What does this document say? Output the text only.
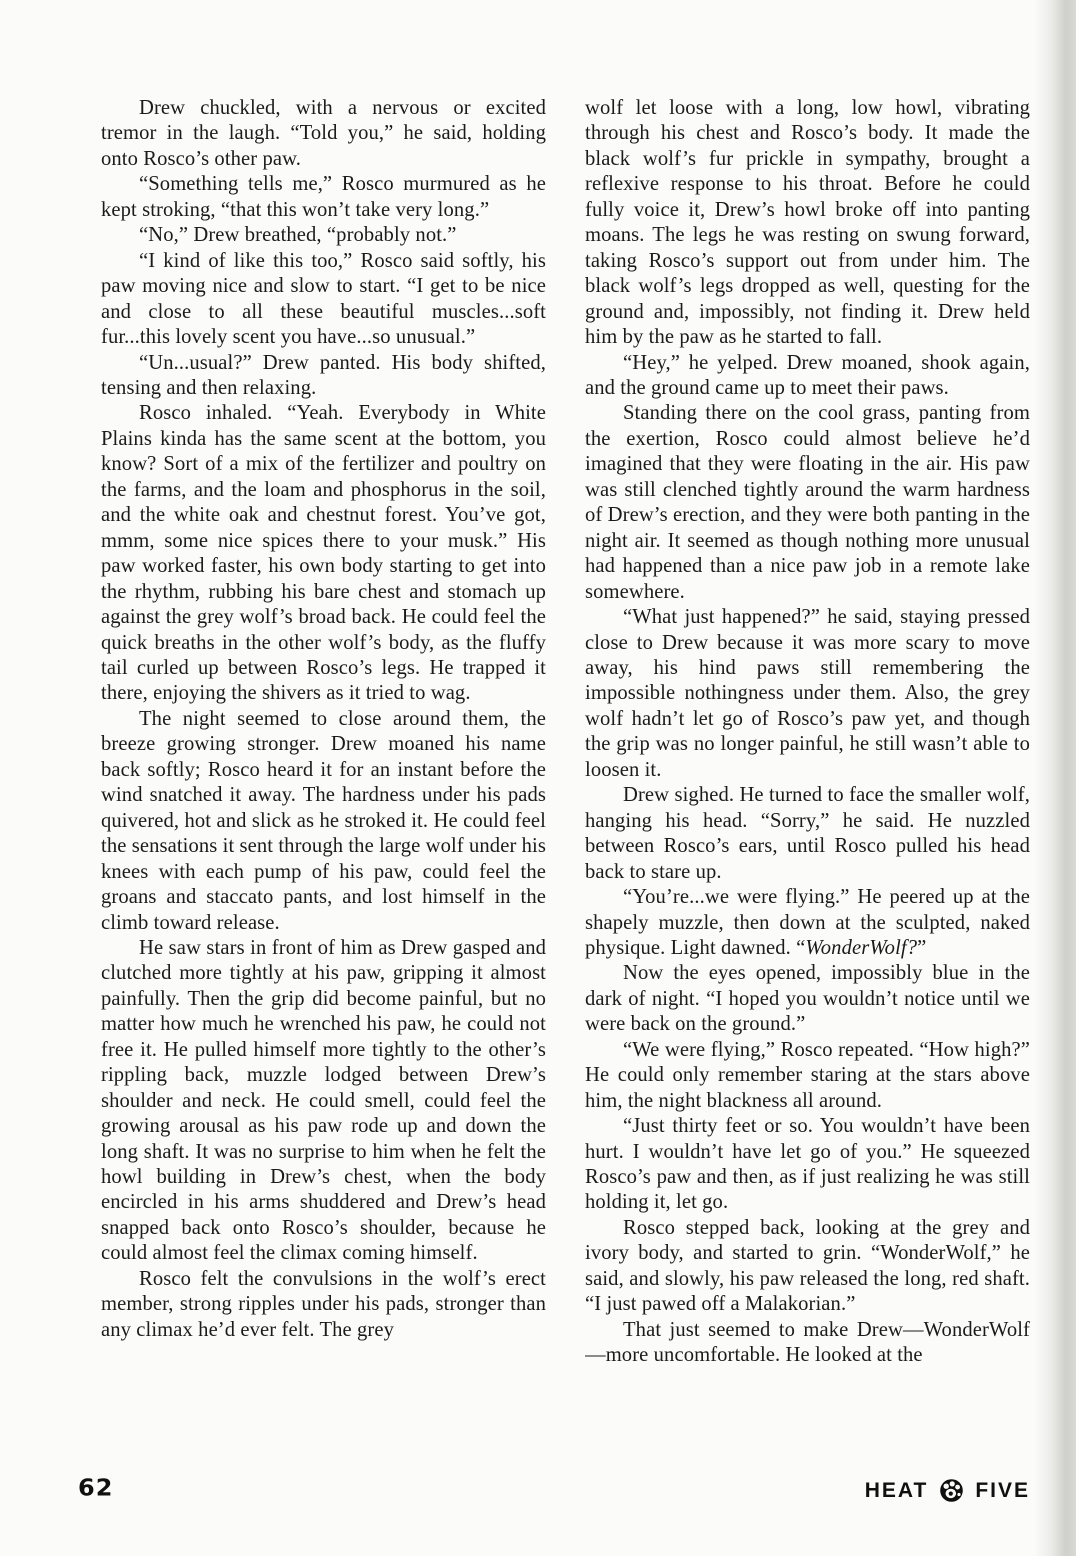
Drew chuckled, with a nervous or excited tremor in the laugh. “Told you,” he said, holding onto Rosco’s other paw.

“Something tells me,” Rosco murmured as he kept stroking, “that this won’t take very long.”

“No,” Drew breathed, “probably not.”

“I kind of like this too,” Rosco said softly, his paw moving nice and slow to start. “I get to be nice and close to all these beautiful muscles...soft fur...this lovely scent you have...so unusual.”

“Un...usual?” Drew panted. His body shifted, tensing and then relaxing.

Rosco inhaled. “Yeah. Everybody in White Plains kinda has the same scent at the bottom, you know? Sort of a mix of the fertilizer and poultry on the farms, and the loam and phosphorus in the soil, and the white oak and chestnut forest. You’ve got, mmm, some nice spices there to your musk.” His paw worked faster, his own body starting to get into the rhythm, rubbing his bare chest and stomach up against the grey wolf’s broad back. He could feel the quick breaths in the other wolf’s body, as the fluffy tail curled up between Rosco’s legs. He trapped it there, enjoying the shivers as it tried to wag.

The night seemed to close around them, the breeze growing stronger. Drew moaned his name back softly; Rosco heard it for an instant before the wind snatched it away. The hardness under his pads quivered, hot and slick as he stroked it. He could feel the sensations it sent through the large wolf under his knees with each pump of his paw, could feel the groans and staccato pants, and lost himself in the climb toward release.

He saw stars in front of him as Drew gasped and clutched more tightly at his paw, gripping it almost painfully. Then the grip did become painful, but no matter how much he wrenched his paw, he could not free it. He pulled himself more tightly to the other’s rippling back, muzzle lodged between Drew’s shoulder and neck. He could smell, could feel the growing arousal as his paw rode up and down the long shaft. It was no surprise to him when he felt the howl building in Drew’s chest, when the body encircled in his arms shuddered and Drew’s head snapped back onto Rosco’s shoulder, because he could almost feel the climax coming himself.

Rosco felt the convulsions in the wolf’s erect member, strong ripples under his pads, stronger than any climax he’d ever felt. The grey

wolf let loose with a long, low howl, vibrating through his chest and Rosco’s body. It made the black wolf’s fur prickle in sympathy, brought a reflexive response to his throat. Before he could fully voice it, Drew’s howl broke off into panting moans. The legs he was resting on swung forward, taking Rosco’s support out from under him. The black wolf’s legs dropped as well, questing for the ground and, impossibly, not finding it. Drew held him by the paw as he started to fall.

“Hey,” he yelped. Drew moaned, shook again, and the ground came up to meet their paws.

Standing there on the cool grass, panting from the exertion, Rosco could almost believe he’d imagined that they were floating in the air. His paw was still clenched tightly around the warm hardness of Drew’s erection, and they were both panting in the night air. It seemed as though nothing more unusual had happened than a nice paw job in a remote lake somewhere.

“What just happened?” he said, staying pressed close to Drew because it was more scary to move away, his hind paws still remembering the impossible nothingness under them. Also, the grey wolf hadn’t let go of Rosco’s paw yet, and though the grip was no longer painful, he still wasn’t able to loosen it.

Drew sighed. He turned to face the smaller wolf, hanging his head. “Sorry,” he said. He nuzzled between Rosco’s ears, until Rosco pulled his head back to stare up.

“You’re...we were flying.” He peered up at the shapely muzzle, then down at the sculpted, naked physique. Light dawned. “WonderWolf?”

Now the eyes opened, impossibly blue in the dark of night. “I hoped you wouldn’t notice until we were back on the ground.”

“We were flying,” Rosco repeated. “How high?” He could only remember staring at the stars above him, the night blackness all around.

“Just thirty feet or so. You wouldn’t have been hurt. I wouldn’t have let go of you.” He squeezed Rosco’s paw and then, as if just realizing he was still holding it, let go.

Rosco stepped back, looking at the grey and ivory body, and started to grin. “WonderWolf,” he said, and slowly, his paw released the long, red shaft. “I just pawed off a Malakorian.”

That just seemed to make Drew—WonderWolf—more uncomfortable. He looked at the

62	HEAT FIVE
